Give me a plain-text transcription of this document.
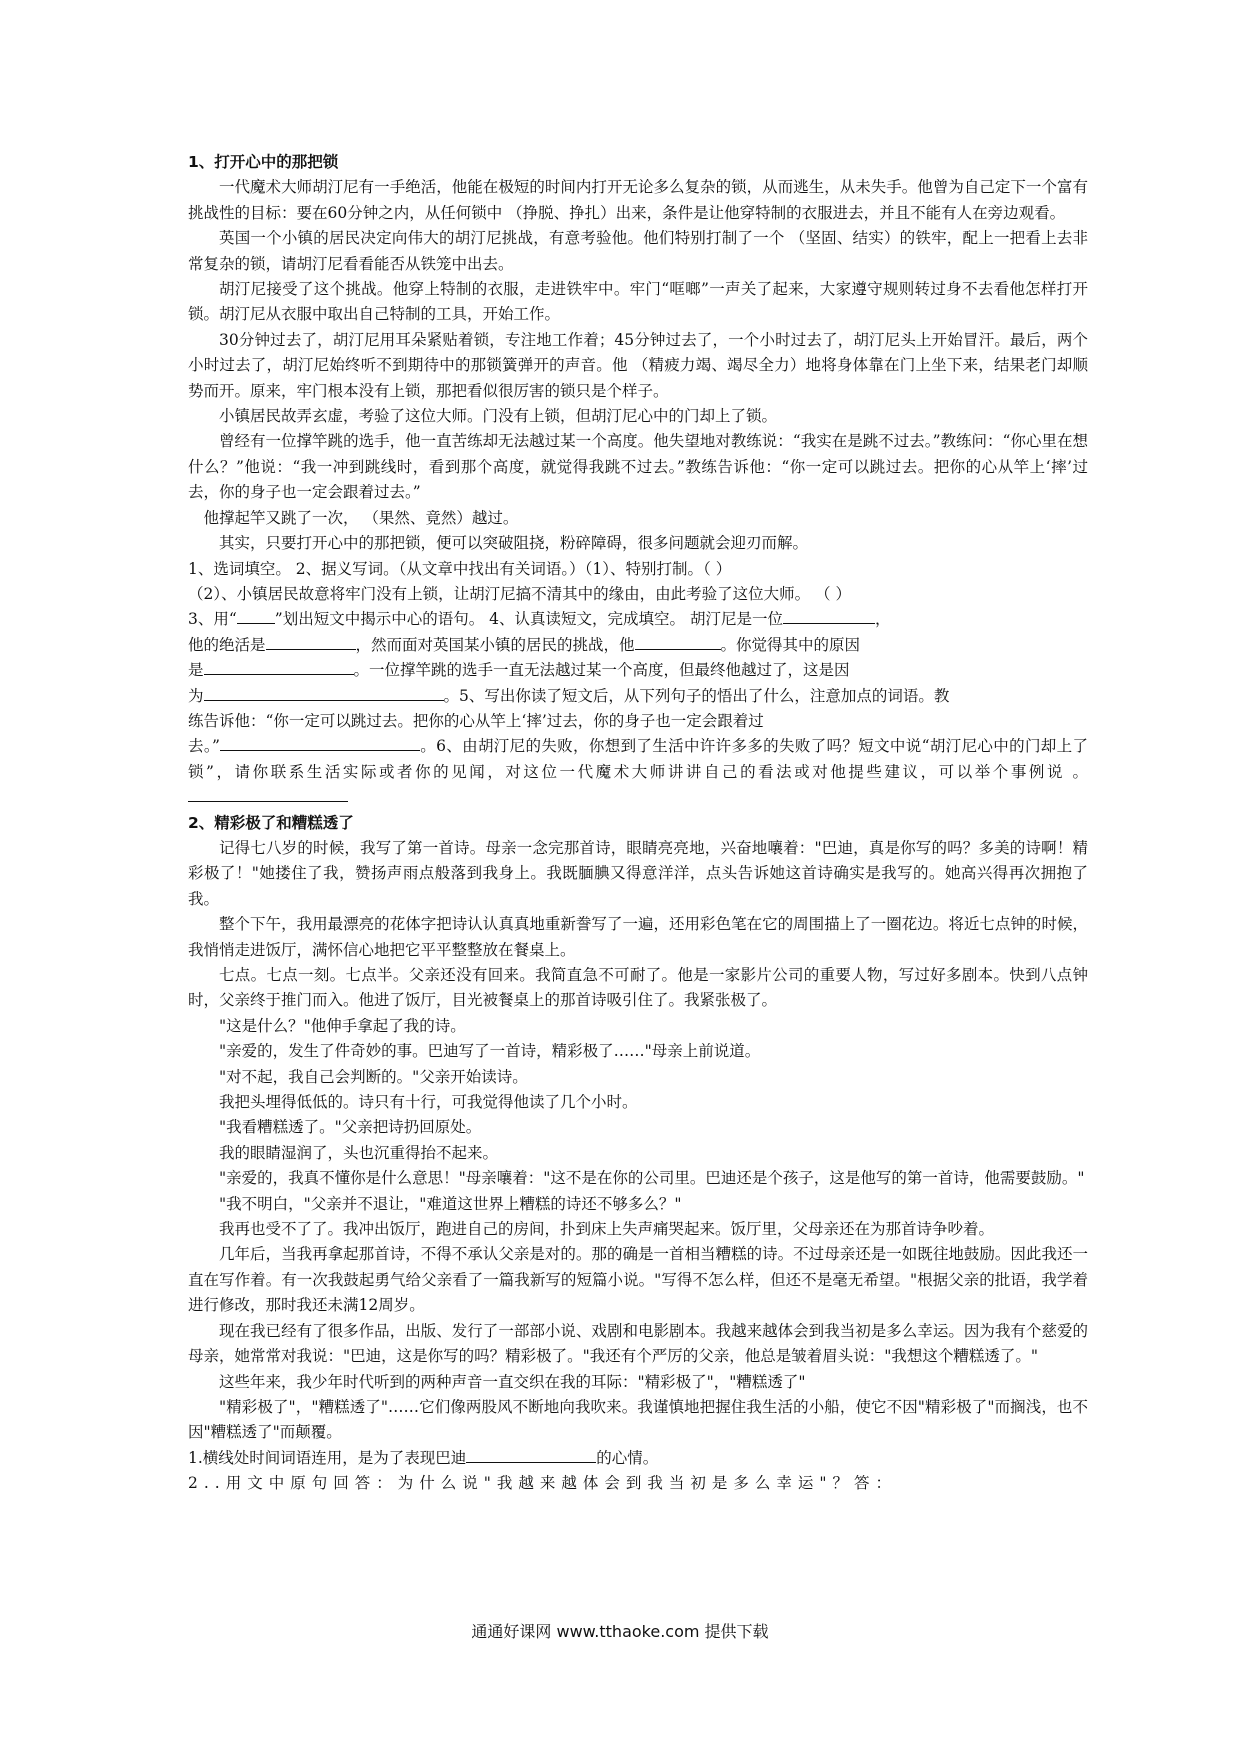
1、打开心中的那把锁

一代魔术大师胡汀尼有一手绝活，他能在极短的时间内打开无论多么复杂的锁，从而逃生，从未失手。他曾为自己定下一个富有挑战性的目标：要在60分钟之内，从任何锁中 （挣脱、挣扎）出来，条件是让他穿特制的衣服进去，并且不能有人在旁边观看。

英国一个小镇的居民决定向伟大的胡汀尼挑战，有意考验他。他们特别打制了一个 （坚固、结实）的铁牢，配上一把看上去非常复杂的锁，请胡汀尼看看能否从铁笼中出去。

胡汀尼接受了这个挑战。他穿上特制的衣服，走进铁牢中。牢门“哐啷”一声关了起来，大家遵守规则转过身不去看他怎样打开锁。胡汀尼从衣服中取出自己特制的工具，开始工作。

30分钟过去了，胡汀尼用耳朵紧贴着锁，专注地工作着；45分钟过去了，一个小时过去了，胡汀尼头上开始冒汗。最后，两个小时过去了，胡汀尼始终听不到期待中的那锁簧弹开的声音。他 （精疲力竭、竭尽全力）地将身体靠在门上坐下来，结果老门却顺势而开。原来，牢门根本没有上锁，那把看似很厉害的锁只是个样子。

小镇居民故弄玄虚，考验了这位大师。门没有上锁，但胡汀尼心中的门却上了锁。

曾经有一位撑竿跳的选手，他一直苦练却无法越过某一个高度。他失望地对教练说：“我实在是跳不过去。”教练问：“你心里在想什么？”他说：“我一冲到跳线时，看到那个高度，就觉得我跳不过去。”教练告诉他：“你一定可以跳过去。把你的心从竿上‘摔’过去，你的身子也一定会跟着过去。”

他撑起竿又跳了一次， （果然、竟然）越过。

其实，只要打开心中的那把锁，便可以突破阻挠，粉碎障碍，很多问题就会迎刃而解。

1、选词填空。 2、据义写词。（从文章中找出有关词语。）（1）、特别打制。（ ）

（2）、小镇居民故意将牢门没有上锁，让胡汀尼搞不清其中的缘由，由此考验了这位大师。 （ ）

3、用“ ”划出短文中揭示中心的语句。 4、认真读短文，完成填空。 胡汀尼是一位	，

他的绝活是	，然而面对英国某小镇的居民的挑战，他	。你觉得其中的原因

是	。一位撑竿跳的选手一直无法越过某一个高度，但最终他越过了，这是因

为	。5、写出你读了短文后，从下列句子的悟出了什么，注意加点的词语。教

练告诉他：“你一定可以跳过去。把你的心从竿上‘摔’过去，你的身子也一定会跟着过

去。”	。6、由胡汀尼的失败，你想到了生活中许许多多的失败了吗？短文中说“胡汀尼心中的门却上了锁”，请你联系生活实际或者你的见闻，对这位一代魔术大师讲讲自己的看法或对他提些建议，可以举个事例说 。

2、精彩极了和糟糕透了

记得七八岁的时候，我写了第一首诗。母亲一念完那首诗，眼睛亮亮地，兴奋地嚷着："巴迪，真是你写的吗？多美的诗啊！精彩极了！"她搂住了我，赞扬声雨点般落到我身上。我既腼腆又得意洋洋，点头告诉她这首诗确实是我写的。她高兴得再次拥抱了我。

整个下午，我用最漂亮的花体字把诗认认真真地重新誊写了一遍，还用彩色笔在它的周围描上了一圈花边。将近七点钟的时候，我悄悄走进饭厅，满怀信心地把它平平整整放在餐桌上。

七点。七点一刻。七点半。父亲还没有回来。我简直急不可耐了。他是一家影片公司的重要人物，写过好多剧本。快到八点钟时，父亲终于推门而入。他进了饭厅，目光被餐桌上的那首诗吸引住了。我紧张极了。

"这是什么？"他伸手拿起了我的诗。

"亲爱的，发生了件奇妙的事。巴迪写了一首诗，精彩极了……"母亲上前说道。

"对不起，我自己会判断的。"父亲开始读诗。

我把头埋得低低的。诗只有十行，可我觉得他读了几个小时。

"我看糟糕透了。"父亲把诗扔回原处。

我的眼睛湿润了，头也沉重得抬不起来。

"亲爱的，我真不懂你是什么意思！"母亲嚷着："这不是在你的公司里。巴迪还是个孩子，这是他写的第一首诗，他需要鼓励。"

"我不明白，"父亲并不退让，"难道这世界上糟糕的诗还不够多么？"

我再也受不了了。我冲出饭厅，跑进自己的房间，扑到床上失声痛哭起来。饭厅里，父母亲还在为那首诗争吵着。

几年后，当我再拿起那首诗，不得不承认父亲是对的。那的确是一首相当糟糕的诗。不过母亲还是一如既往地鼓励。因此我还一直在写作着。有一次我鼓起勇气给父亲看了一篇我新写的短篇小说。"写得不怎么样，但还不是毫无希望。"根据父亲的批语，我学着进行修改，那时我还未满12周岁。

现在我已经有了很多作品，出版、发行了一部部小说、戏剧和电影剧本。我越来越体会到我当初是多么幸运。因为我有个慈爱的母亲，她常常对我说："巴迪，这是你写的吗？精彩极了。"我还有个严厉的父亲，他总是皱着眉头说："我想这个糟糕透了。"

这些年来，我少年时代听到的两种声音一直交织在我的耳际："精彩极了"，"糟糕透了"

"精彩极了"，"糟糕透了"……它们像两股风不断地向我吹来。我谨慎地把握住我生活的小船，使它不因"精彩极了"而搁浅，也不因"糟糕透了"而颠覆。

1.横线处时间词语连用，是为了表现巴迪	的心情。

2..用文中原句回答：为什么说"我越来越体会到我当初是多么幸运"？答：

通通好课网 www.tthaoke.com 提供下载
